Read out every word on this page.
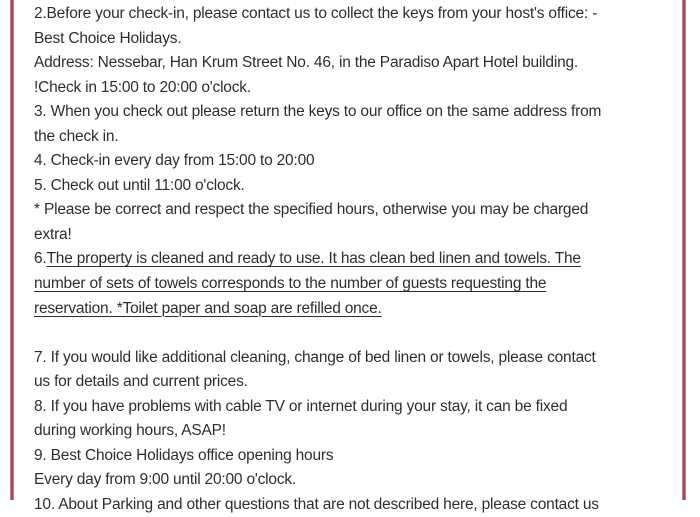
2.Before your check-in, please contact us to collect the keys from your host's office: -
Best Choice Holidays.
Address: Nessebar, Han Krum Street No. 46, in the Paradiso Apart Hotel building.
!Check in 15:00 to 20:00 o'clock.
3. When you check out please return the keys to our office on the same address from
the check in.
4. Check-in every day from 15:00 to 20:00
5. Check out until 11:00 o'clock.
* Please be correct and respect the specified hours, otherwise you may be charged
extra!
6.The property is cleaned and ready to use. It has clean bed linen and towels. The
number of sets of towels corresponds to the number of guests requesting the
reservation. *Toilet paper and soap are refilled once.

7. If you would like additional cleaning, change of bed linen or towels, please contact
us for details and current prices.
8. If you have problems with cable TV or internet during your stay, it can be fixed
during working hours, ASAP!
9. Best Choice Holidays office opening hours
Every day from 9:00 until 20:00 o'clock.
10. About Parking and other questions that are not described here, please contact us
